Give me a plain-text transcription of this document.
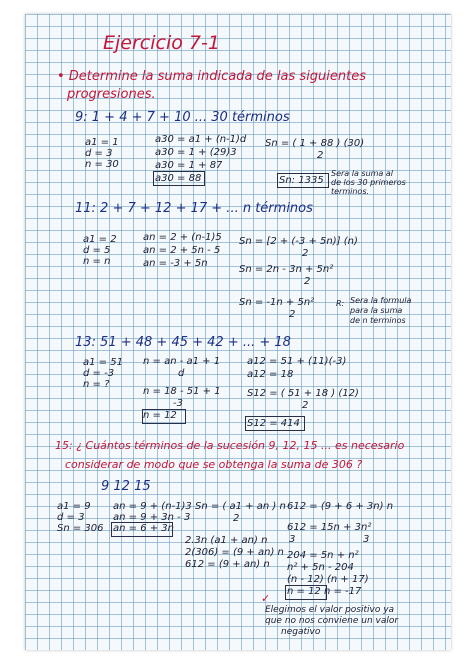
Ejercicio 7-1
• Determine la suma indicada de las siguientes
progresiones.
9: 1 + 4 + 7 + 10 ... 30 términos
a1 = 1
d = 3
n = 30
a30 = a1 + (n-1)d
a30 = 1 + (29)3
a30 = 1 + 87
a30 = 88
Sn = ( 1 + 88 ) (30)
2
Sn: 1335
Sera la suma al
de los 30 primeros
terminos.
11: 2 + 7 + 12 + 17 + ... n términos
a1 = 2
d = 5
n = n
an = 2 + (n-1)5
an = 2 + 5n - 5
an = -3 + 5n
Sn = [2 + (-3 + 5n)] (n)
2
Sn = 2n - 3n + 5n²
2
Sn = -1n + 5n²
2
R: Sera la formula
para la suma
de n terminos
13: 51 + 48 + 45 + 42 + ... + 18
a1 = 51
d = -3
n = ?
n = an - a1 + 1
d
n = 18 - 51 + 1
-3
n = 12
a12 = 51 + (11)(-3)
a12 = 18
S12 = ( 51 + 18 ) (12)
2
S12 = 414
15: ¿ Cuántos términos de la sucesión 9, 12, 15 ... es necesario
considerar de modo que se obtenga la suma de 306 ?
9 12 15
a1 = 9
d = 3
Sn = 306
an = 9 + (n-1)3
an = 9 + 3n - 3
an = 6 + 3n
Sn = ( a1 + an ) n
2
2.3n (a1 + an) n
2(306) = (9 + an) n
612 = (9 + an) n
612 = (9 + 6 + 3n) n
612 = 15n + 3n²
3	3
204 = 5n + n²
n² + 5n - 204
(n - 12) (n + 17)
n = 12 n = -17
Elegimos el valor positivo ya
que no nos conviene un valor
negativo
✓
